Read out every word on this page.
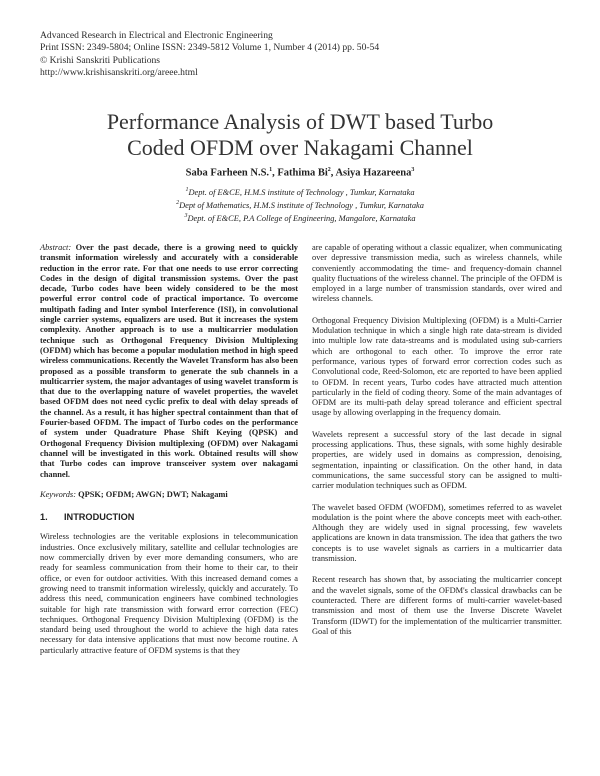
Advanced Research in Electrical and Electronic Engineering
Print ISSN: 2349-5804; Online ISSN: 2349-5812 Volume 1, Number 4 (2014) pp. 50-54
© Krishi Sanskriti Publications
http://www.krishisanskriti.org/areee.html
Performance Analysis of DWT based Turbo
Coded OFDM over Nakagami Channel
Saba Farheen N.S.$^1$, Fathima Bi$^2$, Asiya Hazareena$^3$
$^1$Dept. of E&CE, H.M.S institute of Technology , Tumkur, Karnataka
$^2$Dept of Mathematics, H.M.S institute of Technology , Tumkur, Karnataka
$^3$Dept. of E&CE, P.A College of Engineering, Mangalore, Karnataka
Abstract: Over the past decade, there is a growing need to quickly transmit information wirelessly and accurately with a considerable reduction in the error rate. For that one needs to use error correcting Codes in the design of digital transmission systems. Over the past decade, Turbo codes have been widely considered to be the most powerful error control code of practical importance. To overcome multipath fading and Inter symbol Interference (ISI), in convolutional single carrier systems, equalizers are used. But it increases the system complexity. Another approach is to use a multicarrier modulation technique such as Orthogonal Frequency Division Multiplexing (OFDM) which has become a popular modulation method in high speed wireless communications. Recently the Wavelet Transform has also been proposed as a possible transform to generate the sub channels in a multicarrier system, the major advantages of using wavelet transform is that due to the overlapping nature of wavelet properties, the wavelet based OFDM does not need cyclic prefix to deal with delay spreads of the channel. As a result, it has higher spectral containment than that of Fourier-based OFDM. The impact of Turbo codes on the performance of system under Quadrature Phase Shift Keying (QPSK) and Orthogonal Frequency Division multiplexing (OFDM) over Nakagami channel will be investigated in this work. Obtained results will show that Turbo codes can improve transceiver system over nakagami channel.
Keywords: QPSK; OFDM; AWGN; DWT; Nakagami
1. INTRODUCTION

Wireless technologies are the veritable explosions in telecommunication industries. Once exclusively military, satellite and cellular technologies are now commercially driven by ever more demanding consumers, who are ready for seamless communication from their home to their car, to their office, or even for outdoor activities. With this increased demand comes a growing need to transmit information wirelessly, quickly and accurately. To address this need, communication engineers have combined technologies suitable for high rate transmission with forward error correction (FEC) techniques. Orthogonal Frequency Division Multiplexing (OFDM) is the standard being used throughout the world to achieve the high data rates necessary for data intensive applications that must now become routine. A particularly attractive feature of OFDM systems is that they

are capable of operating without a classic equalizer, when communicating over depressive transmission media, such as wireless channels, while conveniently accommodating the time- and frequency-domain channel quality fluctuations of the wireless channel. The principle of the OFDM is employed in a large number of transmission standards, over wired and wireless channels.

Orthogonal Frequency Division Multiplexing (OFDM) is a Multi-Carrier Modulation technique in which a single high rate data-stream is divided into multiple low rate data-streams and is modulated using sub-carriers which are orthogonal to each other. To improve the error rate performance, various types of forward error correction codes such as Convolutional code, Reed-Solomon, etc are reported to have been applied to OFDM. In recent years, Turbo codes have attracted much attention particularly in the field of coding theory. Some of the main advantages of OFDM are its multi-path delay spread tolerance and efficient spectral usage by allowing overlapping in the frequency domain.

Wavelets represent a successful story of the last decade in signal processing applications. Thus, these signals, with some highly desirable properties, are widely used in domains as compression, denoising, segmentation, inpainting or classification. On the other hand, in data communications, the same successful story can be assigned to multi-carrier modulation techniques such as OFDM.

The wavelet based OFDM (WOFDM), sometimes referred to as wavelet modulation is the point where the above concepts meet with each-other. Although they are widely used in signal processing, few wavelets applications are known in data transmission. The idea that gathers the two concepts is to use wavelet signals as carriers in a multicarrier data transmission.

Recent research has shown that, by associating the multicarrier concept and the wavelet signals, some of the OFDM's classical drawbacks can be counteracted. There are different forms of multi-carrier wavelet-based transmission and most of them use the Inverse Discrete Wavelet Transform (IDWT) for the implementation of the multicarrier transmitter. Goal of this
